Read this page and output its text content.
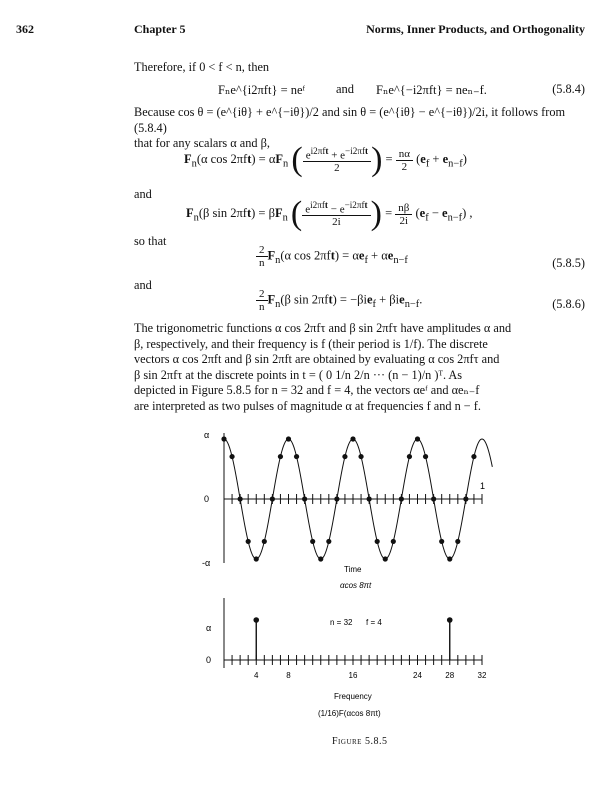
362	Chapter 5	Norms, Inner Products, and Orthogonality
Therefore, if 0 < f < n, then
Fₙe^{i2πft} = neᶠ and Fₙe^{−i2πft} = neₙ₋f.	(5.8.4)
Because cos θ = (e^{iθ} + e^{−iθ})/2 and sin θ = (e^{iθ} − e^{−iθ})/2i, it follows from (5.8.4)
that for any scalars α and β,
$F_n(\alpha$ $\cos 2\pi ft) = \alpha F_n$ ( $\frac{e^{i2\pi ft} + e^{-i2\pi ft}}{2}$ ) = $\frac{n\alpha}{2} (e_f + e_{n-f})$
and
$F_n(\beta$ $\sin 2\pi ft) = \beta F_n$ ( $\frac{e^{i2\pi ft} - e^{-i2\pi ft}}{2i}$ ) = $\frac{n\beta}{2i} (e_f - e_{n-f})$ ,
so that
$\frac{2}{n} F_n(\alpha$ $\cos 2\pi ft) = \alpha e_f + \alpha e_{n-f}$	(5.8.5)
and
$\frac{2}{n} F_n(\beta$ sin 2πft) = −βie$_f$ + βie$_{n-f}$.	(5.8.6)
The trigonometric functions α cos 2πfτ and β sin 2πfτ have amplitudes α and
β, respectively, and their frequency is f (their period is 1/f). The discrete
vectors α cos 2πft and β sin 2πft are obtained by evaluating α cos 2πfτ and
β sin 2πfτ at the discrete points in t = ( 0 1/n 2/n ··· (n − 1)/n )ᵀ. As
depicted in Figure 5.8.5 for n = 32 and f = 4, the vectors αeᶠ and αeₙ₋f
are interpreted as two pulses of magnitude α at frequencies f and n − f.
α
0
-α
1
Time
αcos 8πt
4	8	16	24	28	32
α
0
n = 32 f = 4
Frequency
(1/16)F(αcos 8πt)
Figure 5.8.5
